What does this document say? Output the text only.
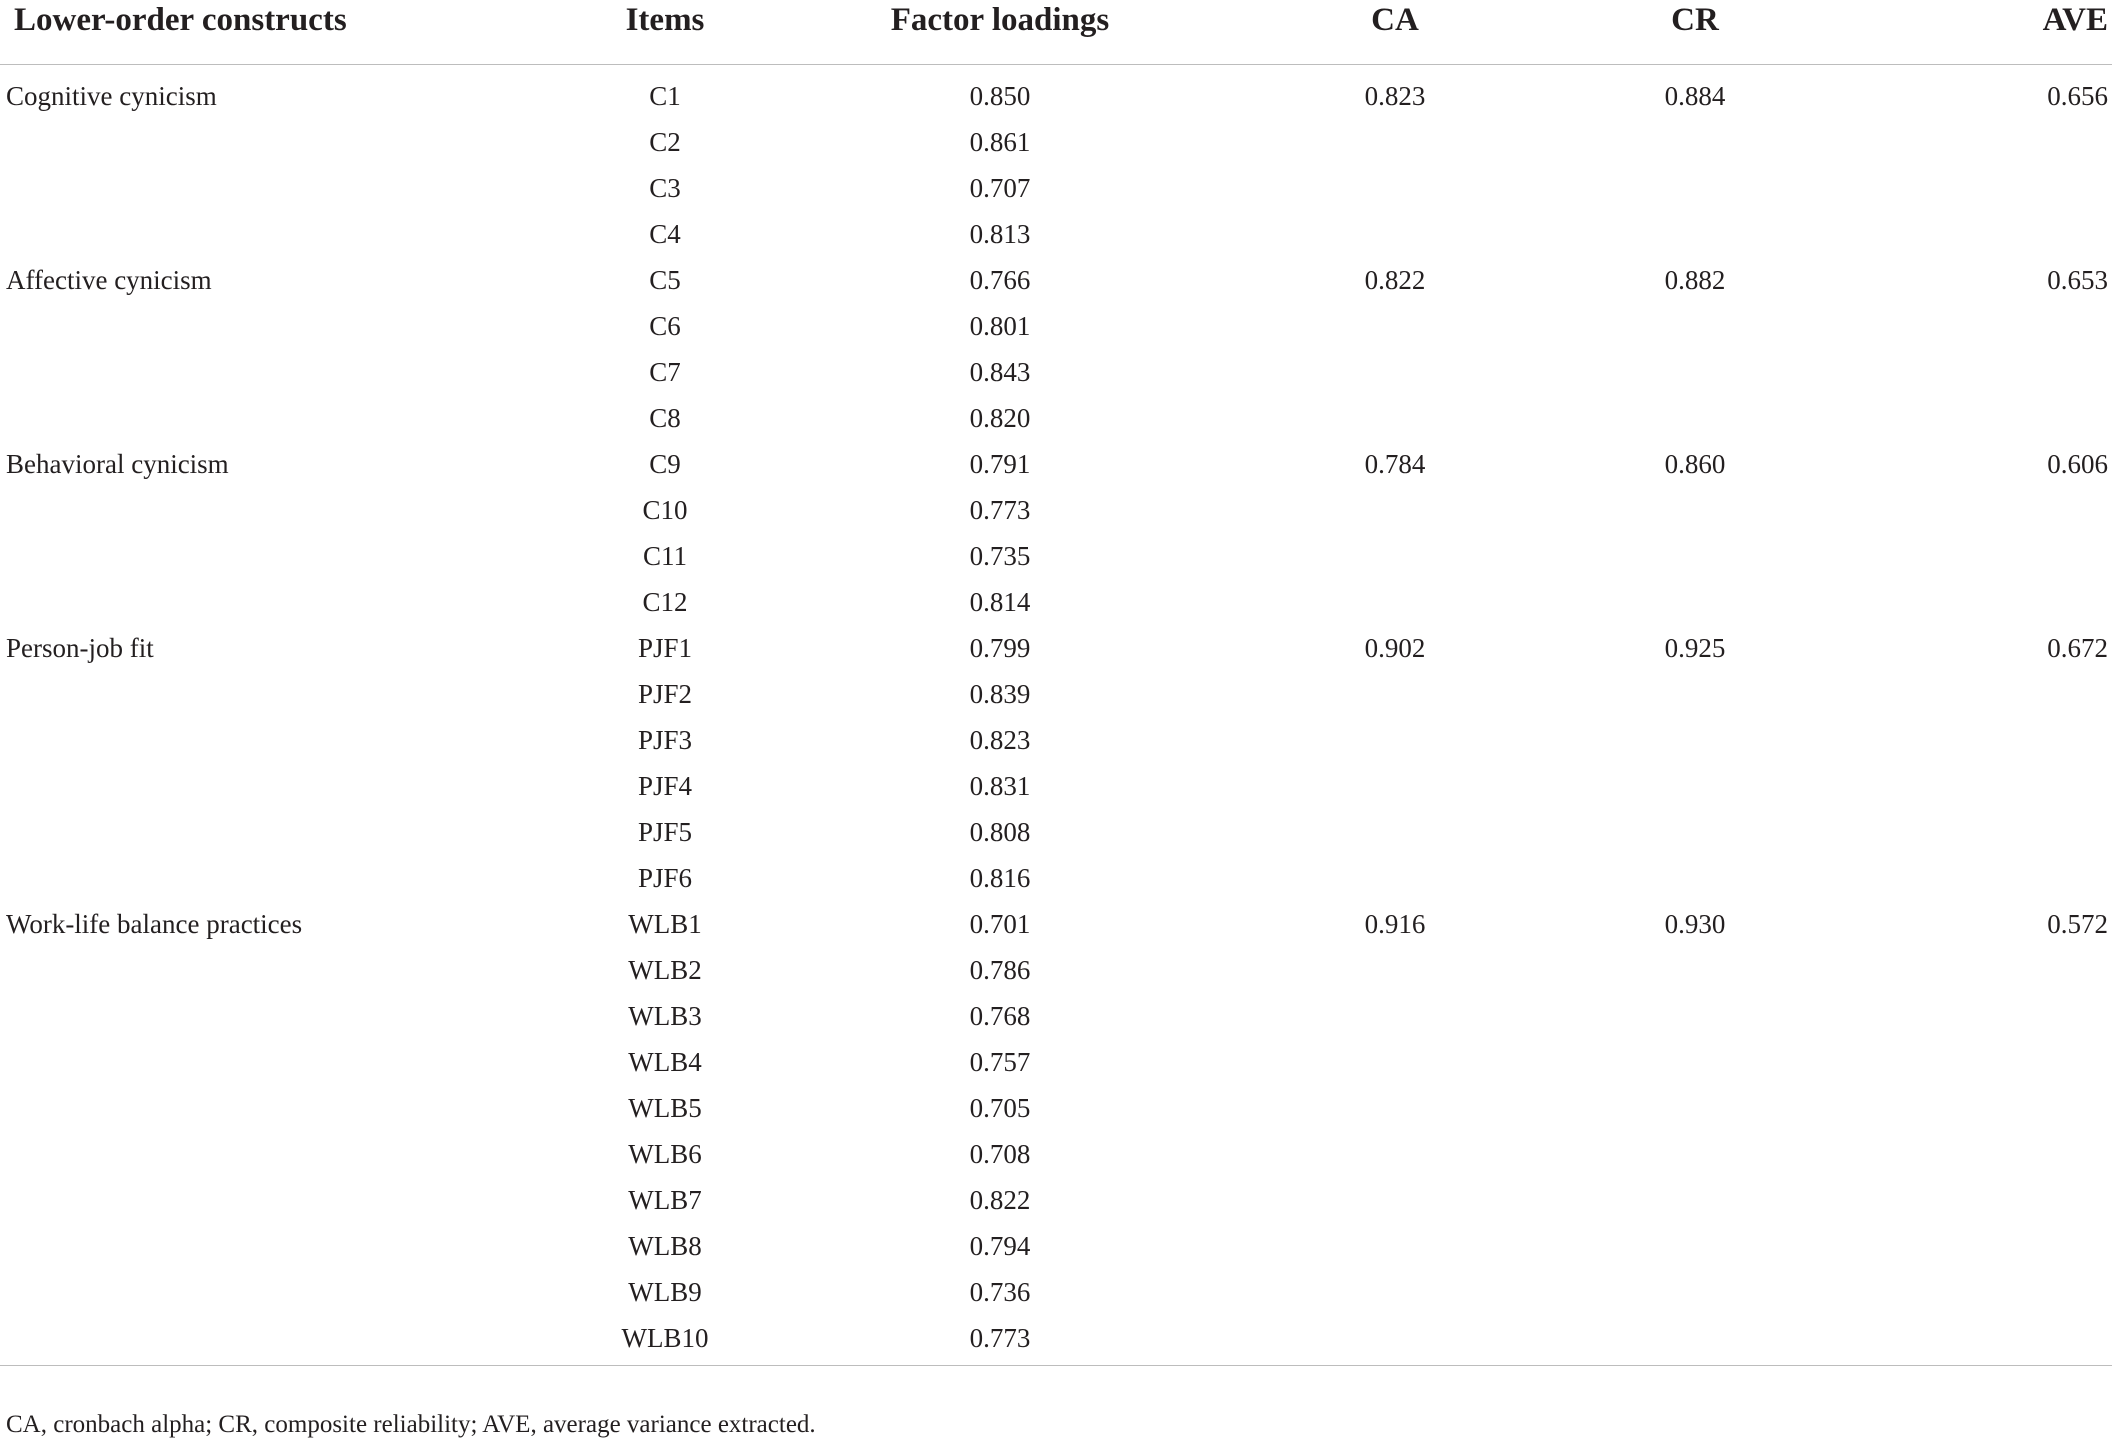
Lower-order constructs	Items	Factor loadings	CA	CR	AVE
Cognitive cynicism	C1	0.850	0.823	0.884	0.656
	C2	0.861			
	C3	0.707			
	C4	0.813			
Affective cynicism	C5	0.766	0.822	0.882	0.653
	C6	0.801			
	C7	0.843			
	C8	0.820			
Behavioral cynicism	C9	0.791	0.784	0.860	0.606
	C10	0.773			
	C11	0.735			
	C12	0.814			
Person-job fit	PJF1	0.799	0.902	0.925	0.672
	PJF2	0.839			
	PJF3	0.823			
	PJF4	0.831			
	PJF5	0.808			
	PJF6	0.816			
Work-life balance practices	WLB1	0.701	0.916	0.930	0.572
	WLB2	0.786			
	WLB3	0.768			
	WLB4	0.757			
	WLB5	0.705			
	WLB6	0.708			
	WLB7	0.822			
	WLB8	0.794			
	WLB9	0.736			
	WLB10	0.773			
CA, cronbach alpha; CR, composite reliability; AVE, average variance extracted.
